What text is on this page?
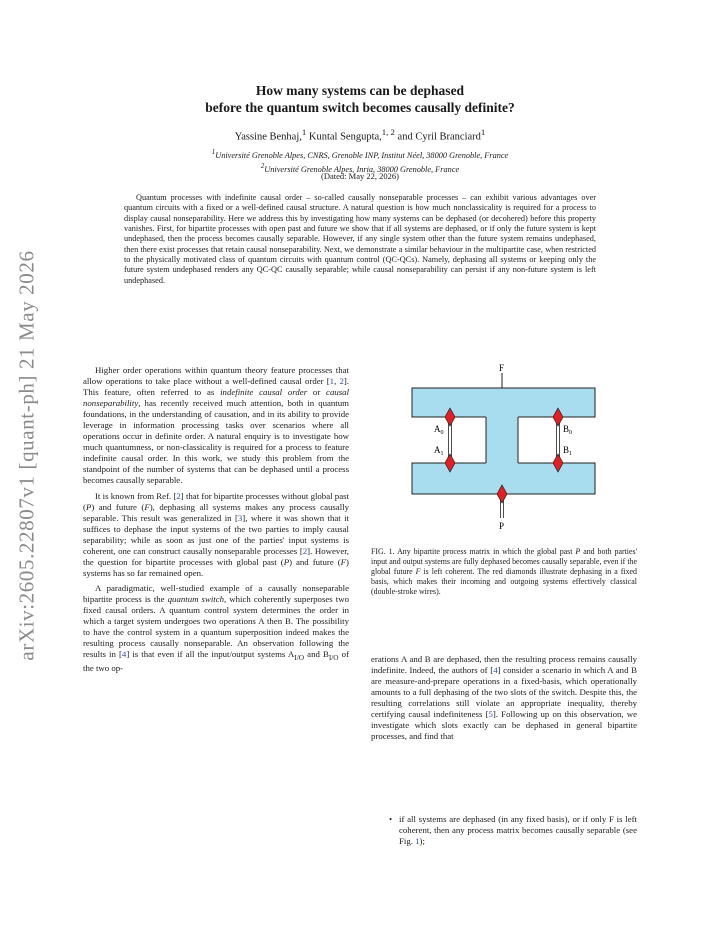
arXiv:2605.22807v1 [quant-ph] 21 May 2026
How many systems can be dephased
before the quantum switch becomes causally definite?
Yassine Benhaj,$^1$ Kuntal Sengupta,$^{1, 2}$ and Cyril Branciard$^1$
$^1$Université Grenoble Alpes, CNRS, Grenoble INP, Institut Néel, 38000 Grenoble, France
$^2$Université Grenoble Alpes, Inria, 38000 Grenoble, France
(Dated: May 22, 2026)
Quantum processes with indefinite causal order – so-called causally nonseparable processes – can exhibit various advantages over quantum circuits with a fixed or a well-defined causal structure. A natural question is how much nonclassicality is required for a process to display causal nonseparability. Here we address this by investigating how many systems can be dephased (or decohered) before this property vanishes. First, for bipartite processes with open past and future we show that if all systems are dephased, or if only the future system is kept undephased, then the process becomes causally separable. However, if any single system other than the future system remains undephased, then there exist processes that retain causal nonseparability. Next, we demonstrate a similar behaviour in the multipartite case, when restricted to the physically motivated class of quantum circuits with quantum control (QC-QCs). Namely, dephasing all systems or keeping only the future system undephased renders any QC-QC causally separable; while causal nonseparability can persist if any non-future system is left undephased.

Higher order operations within quantum theory feature processes that allow operations to take place without a well-defined causal order [1, 2]. This feature, often referred to as indefinite causal order or causal nonseparability, has recently received much attention, both in quantum foundations, in the understanding of causation, and in its ability to provide leverage in information processing tasks over scenarios where all operations occur in definite order. A natural enquiry is to investigate how much quantumness, or non-classicality is required for a process to feature indefinite causal order. In this work, we study this problem from the standpoint of the number of systems that can be dephased until a process becomes causally separable.

It is known from Ref. [2] that for bipartite processes without global past (P) and future (F), dephasing all systems makes any process causally separable. This result was generalized in [3], where it was shown that it suffices to dephase the input systems of the two parties to imply causal separability; while as soon as just one of the parties' input systems is coherent, one can construct causally nonseparable processes [2]. However, the question for bipartite processes with global past (P) and future (F) systems has so far remained open.

A paradigmatic, well-studied example of a causally nonseparable bipartite process is the quantum switch, which coherently superposes two fixed causal orders. A quantum control system determines the order in which a target system undergoes two operations A then B. The possibility to have the control system in a quantum superposition indeed makes the resulting process causally nonseparable. An observation following the results in [4] is that even if all the input/output systems $A_{I/O}$ and $B_{I/O}$ of the two op-

F
$A_0$
$A_1$
$B_0$
$B_1$
P
FIG. 1. Any bipartite process matrix in which the global past P and both parties' input and output systems are fully dephased becomes causally separable, even if the global future F is left coherent. The red diamonds illustrate dephasing in a fixed basis, which makes their incoming and outgoing systems effectively classical (double-stroke wires).

erations A and B are dephased, then the resulting process remains causally indefinite. Indeed, the authors of [4] consider a scenario in which A and B are measure-and-prepare operations in a fixed-basis, which operationally amounts to a full dephasing of the two slots of the switch. Despite this, the resulting correlations still violate an appropriate inequality, thereby certifying causal indefiniteness [5]. Following up on this observation, we investigate which slots exactly can be dephased in general bipartite processes, and find that

• if all systems are dephased (in any fixed basis), or if only F is left coherent, then any process matrix becomes causally separable (see Fig. 1);
